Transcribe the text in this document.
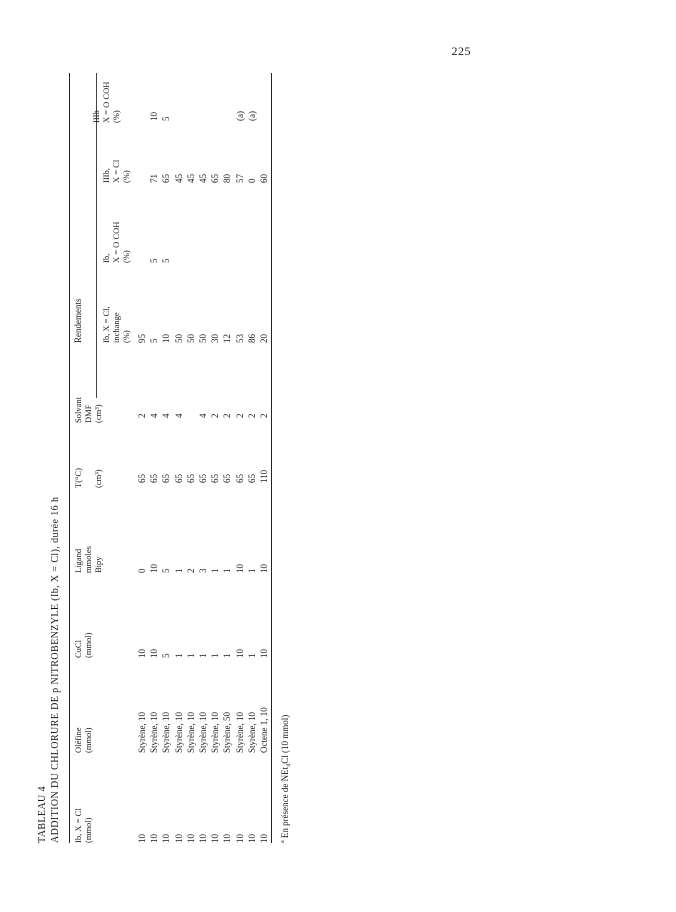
225
TABLEAU 4 ADDITION DU CHLORURE DE p NITROBENZYLE (Ib, X = Cl), durée 16 h Ib, X = Cl
(mmol)
Oléfine
(mmol)
CuCl
(mmol)
Ligand
mmoles
Bipy
T(°C)

(cm³)
Solvant
DMF
(cm³)
Rendements Ib, X = Cl,
inchange
(%)
Ib,
X = O COH
(%)
IIIb,
X = Cl
(%)
IIIb
X = O COH
(%)
10
Styrène, 10
10
0
65
2
95
10
Styrène, 10
10
10
65
4
5
5
71
10
10
Styrène, 10
5
5
65
4
10
5
65
5
10
Styrène, 10
1
1
65
4
50
45
10
Styrène, 10
1
2
65
50
45
10
Styrène, 10
1
3
65
4
50
45
10
Styrène, 10
1
1
65
2
30
65
10
Styrène, 50
1
1
65
2
12
80
10
Styrène, 10
10
10
65
2
53
57
(a)
10
Styrène, 10
1
1
65
2
86
0
(a)
10
Octene 1, 10
10
10
110
2
20
60
$^a$ En présence de NEt₄Cl (10 mmol)
